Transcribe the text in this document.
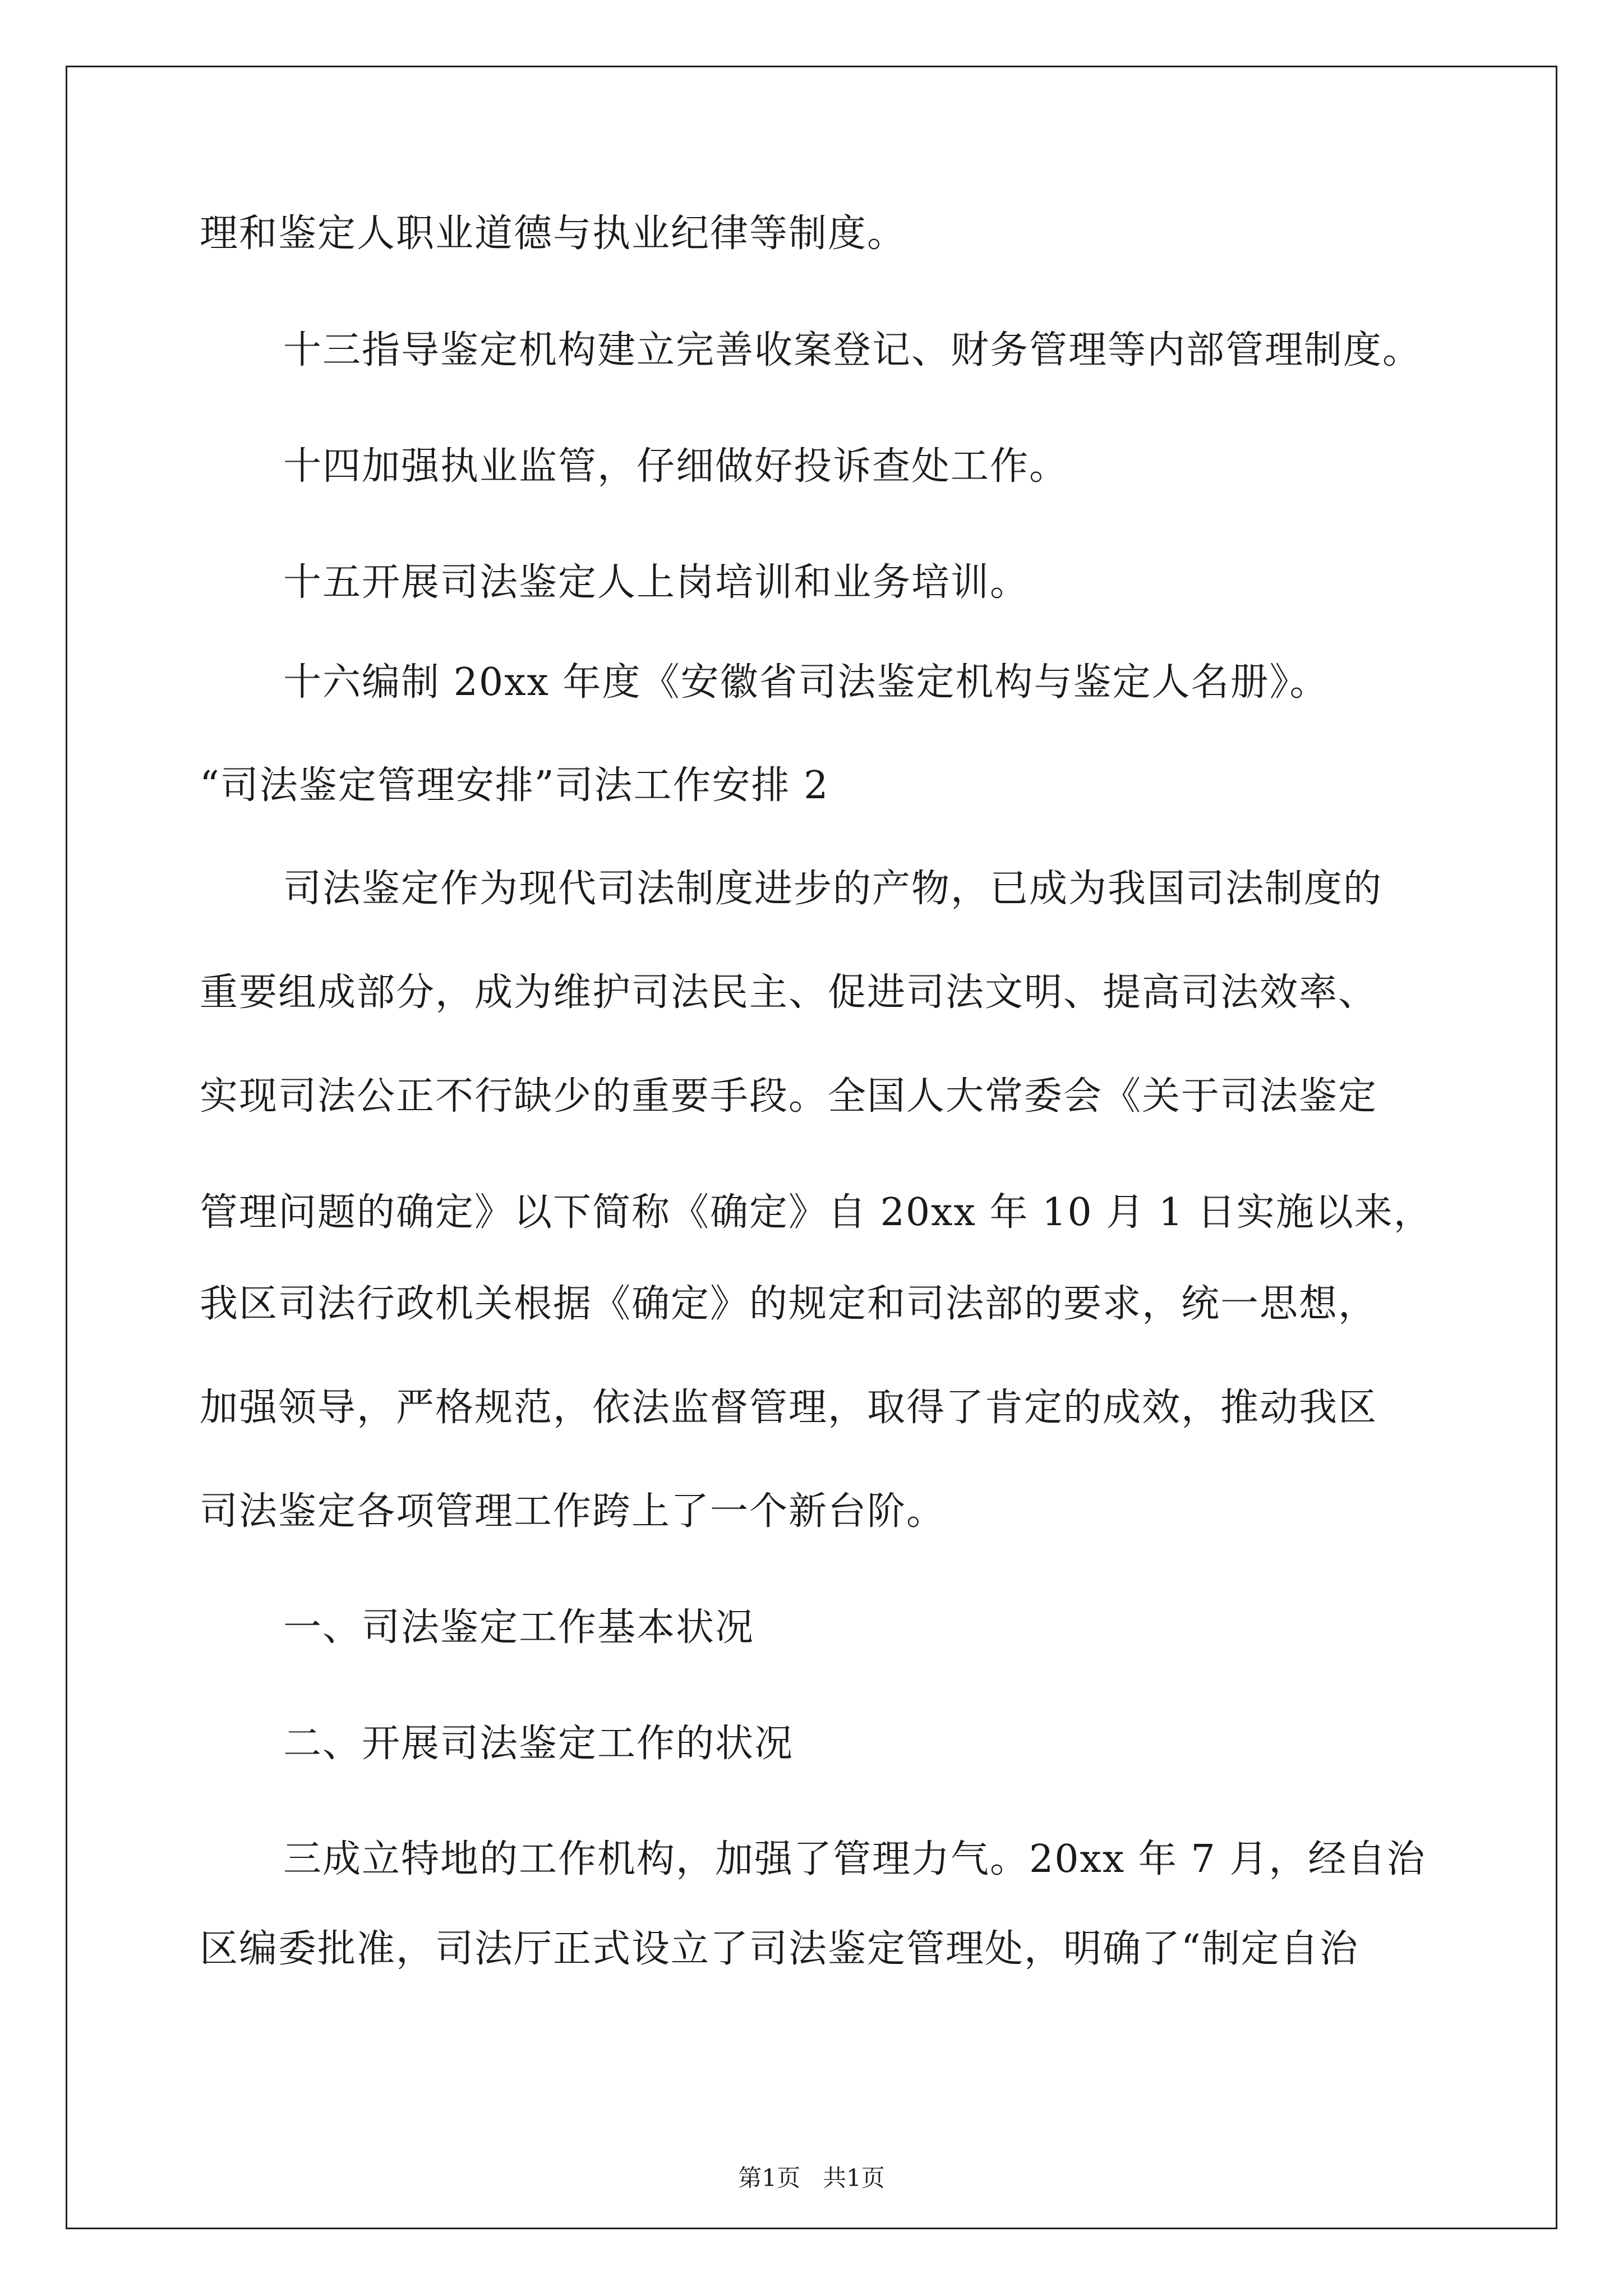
理和鉴定人职业道德与执业纪律等制度。
十三指导鉴定机构建立完善收案登记、财务管理等内部管理制度。
十四加强执业监管，仔细做好投诉查处工作。
十五开展司法鉴定人上岗培训和业务培训。
十六编制 20xx 年度《安徽省司法鉴定机构与鉴定人名册》。
“司法鉴定管理安排”司法工作安排 2
司法鉴定作为现代司法制度进步的产物，已成为我国司法制度的
重要组成部分，成为维护司法民主、促进司法文明、提高司法效率、
实现司法公正不行缺少的重要手段。全国人大常委会《关于司法鉴定
管理问题的确定》以下简称《确定》自 20xx 年 10 月 1 日实施以来，
我区司法行政机关根据《确定》的规定和司法部的要求，统一思想，
加强领导，严格规范，依法监督管理，取得了肯定的成效，推动我区
司法鉴定各项管理工作跨上了一个新台阶。
一、司法鉴定工作基本状况
二、开展司法鉴定工作的状况
三成立特地的工作机构，加强了管理力气。20xx 年 7 月，经自治
区编委批准，司法厅正式设立了司法鉴定管理处，明确了“制定自治
第1页   共1页
